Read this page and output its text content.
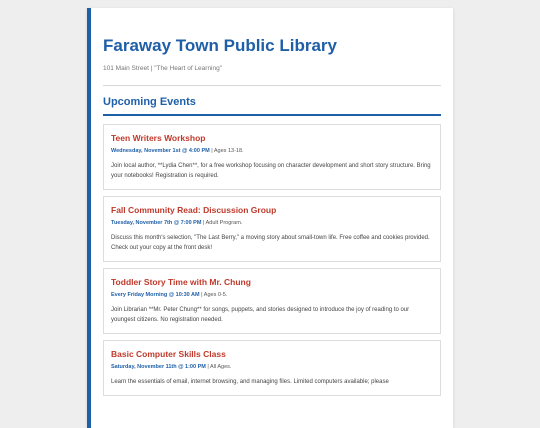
Faraway Town Public Library
101 Main Street | "The Heart of Learning"
Upcoming Events
Teen Writers Workshop
Wednesday, November 1st @ 4:00 PM | Ages 13-18.
Join local author, **Lydia Chen**, for a free workshop focusing on character development and short story structure. Bring your notebooks! Registration is required.
Fall Community Read: Discussion Group
Tuesday, November 7th @ 7:00 PM | Adult Program.
Discuss this month's selection, "The Last Berry," a moving story about small-town life. Free coffee and cookies provided. Check out your copy at the front desk!
Toddler Story Time with Mr. Chung
Every Friday Morning @ 10:30 AM | Ages 0-5.
Join Librarian **Mr. Peter Chung** for songs, puppets, and stories designed to introduce the joy of reading to our youngest citizens. No registration needed.
Basic Computer Skills Class
Saturday, November 11th @ 1:00 PM | All Ages.
Learn the essentials of email, internet browsing, and managing files. Limited computers available; please
